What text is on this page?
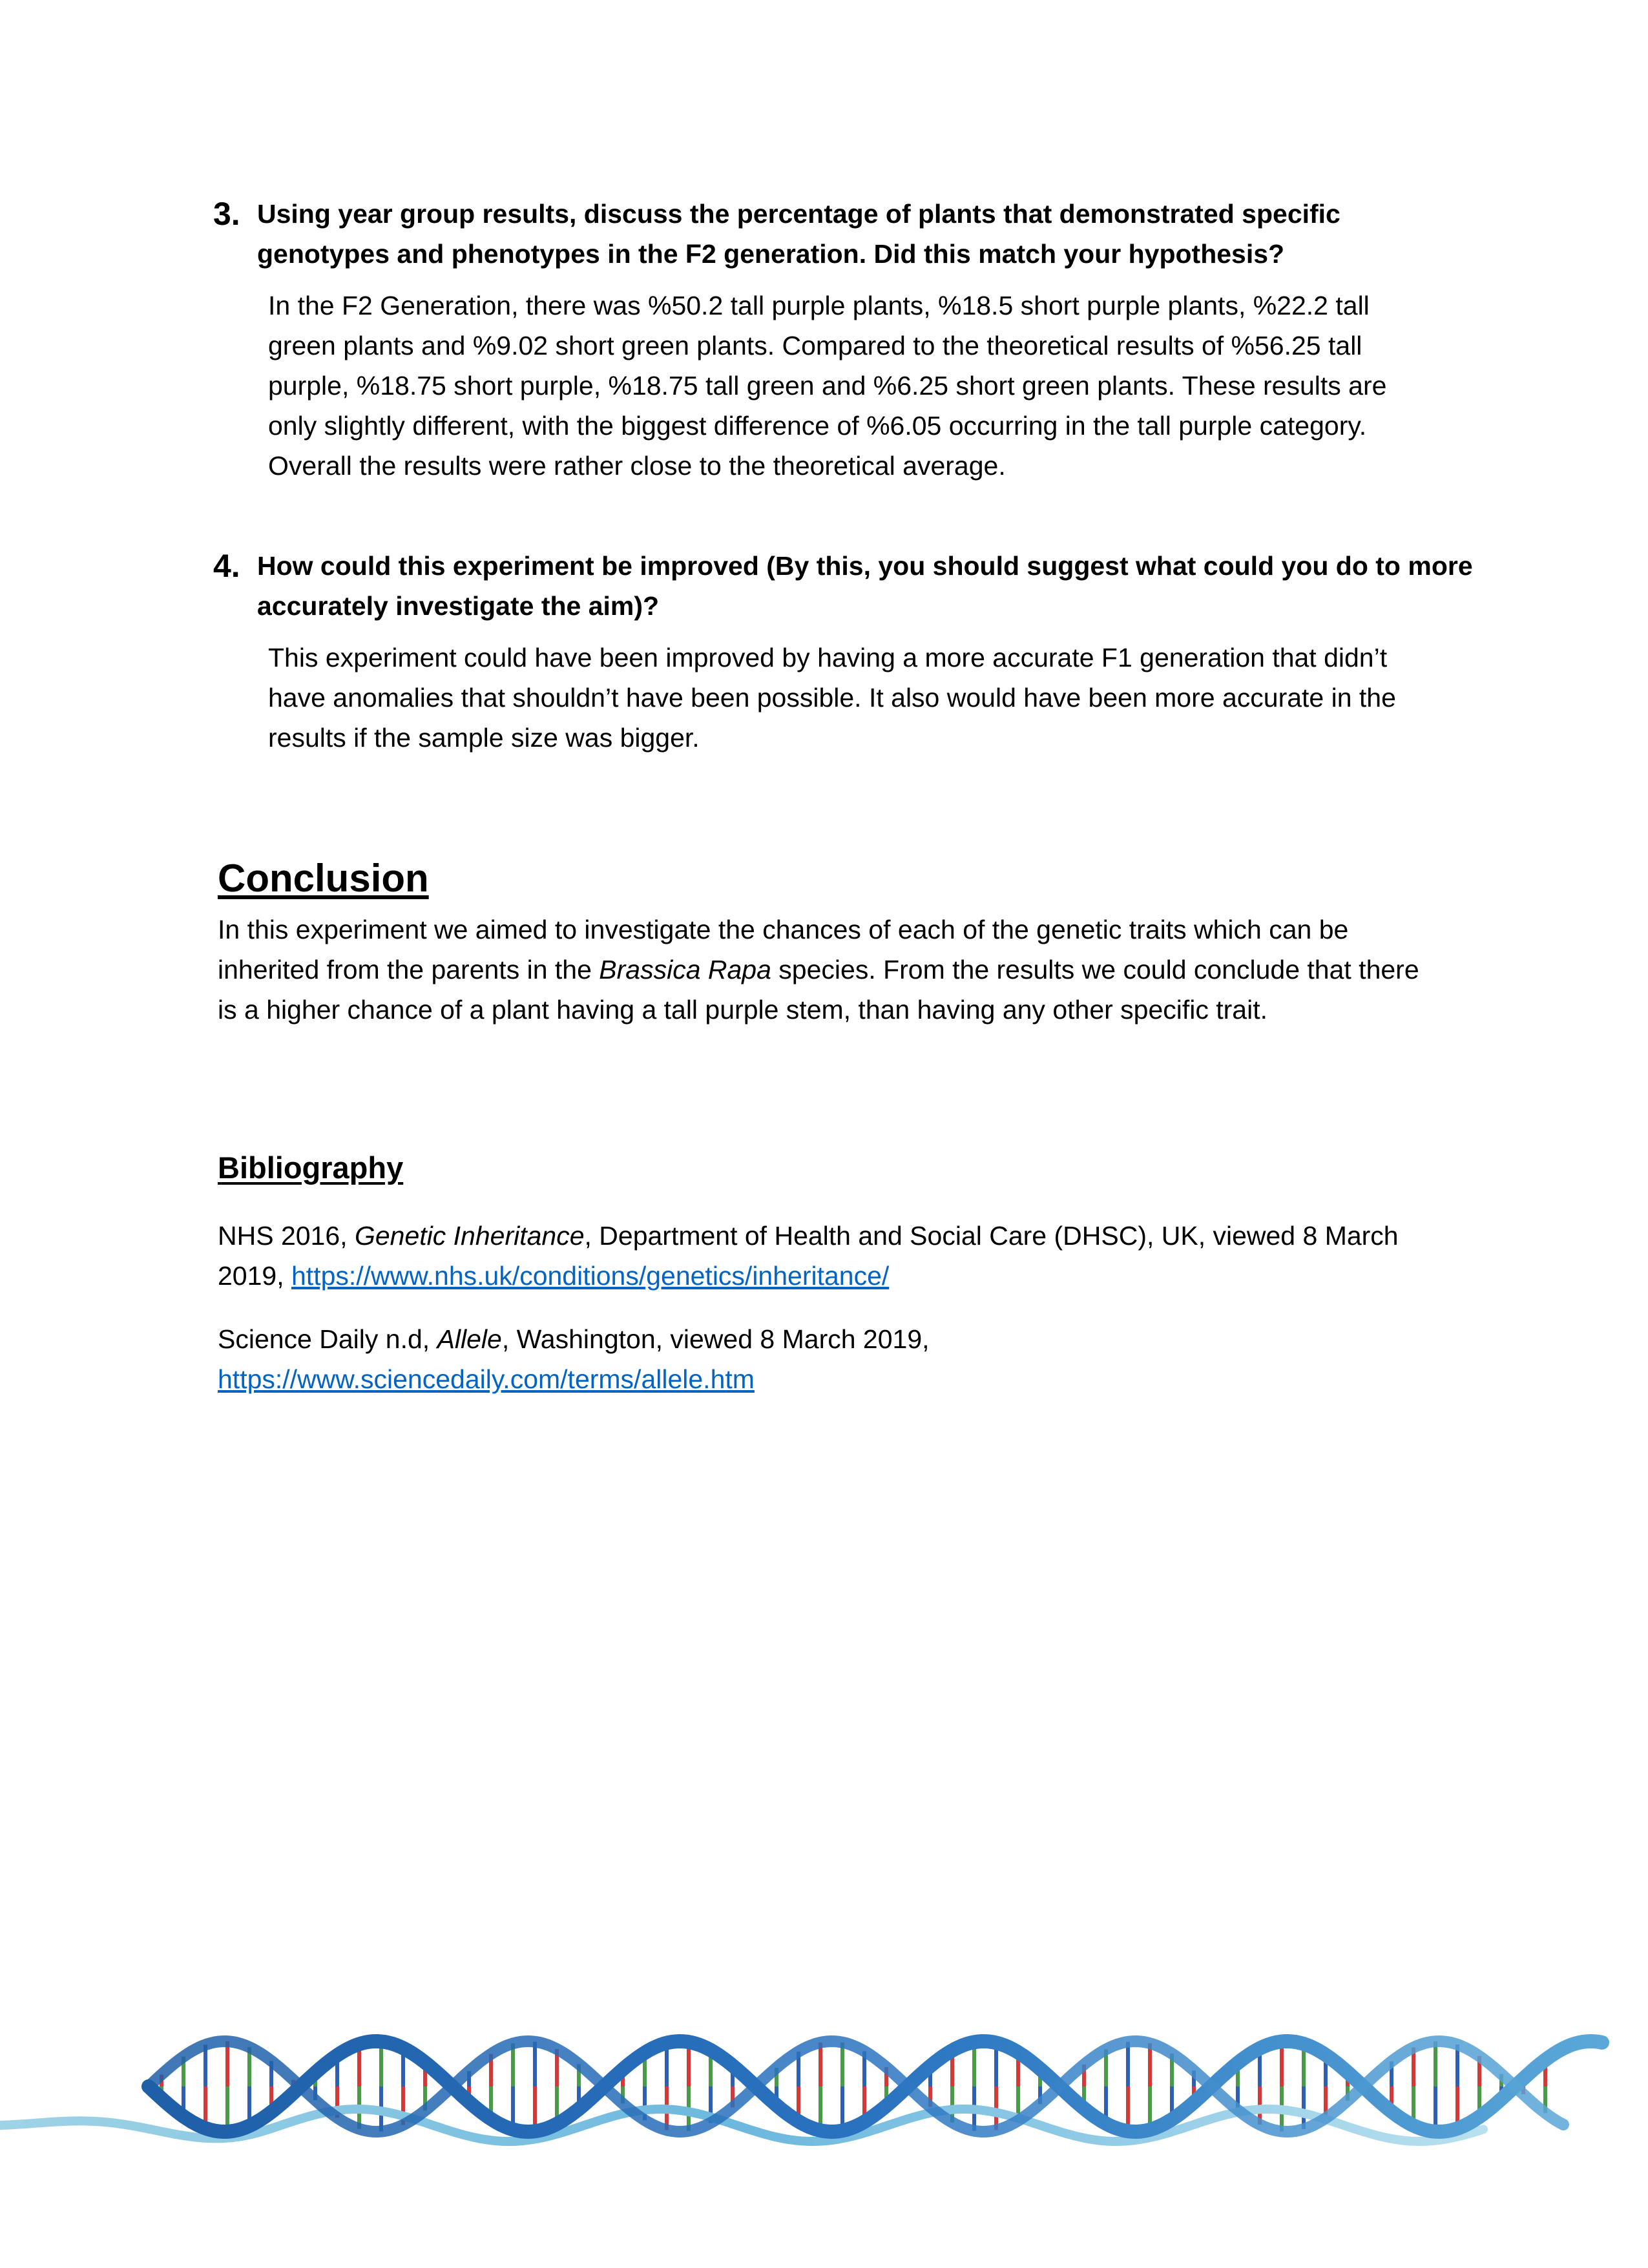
3. Using year group results, discuss the percentage of plants that demonstrated specific genotypes and phenotypes in the F2 generation. Did this match your hypothesis?
In the F2 Generation, there was %50.2 tall purple plants, %18.5 short purple plants, %22.2 tall green plants and %9.02 short green plants. Compared to the theoretical results of %56.25 tall purple, %18.75 short purple, %18.75 tall green and %6.25 short green plants. These results are only slightly different, with the biggest difference of %6.05 occurring in the tall purple category. Overall the results were rather close to the theoretical average.
4. How could this experiment be improved (By this, you should suggest what could you do to more accurately investigate the aim)?
This experiment could have been improved by having a more accurate F1 generation that didn’t have anomalies that shouldn’t have been possible. It also would have been more accurate in the results if the sample size was bigger.
Conclusion
In this experiment we aimed to investigate the chances of each of the genetic traits which can be inherited from the parents in the Brassica Rapa species. From the results we could conclude that there is a higher chance of a plant having a tall purple stem, than having any other specific trait.
Bibliography
NHS 2016, Genetic Inheritance, Department of Health and Social Care (DHSC), UK, viewed 8 March 2019, https://www.nhs.uk/conditions/genetics/inheritance/
Science Daily n.d, Allele, Washington, viewed 8 March 2019,
https://www.sciencedaily.com/terms/allele.htm
